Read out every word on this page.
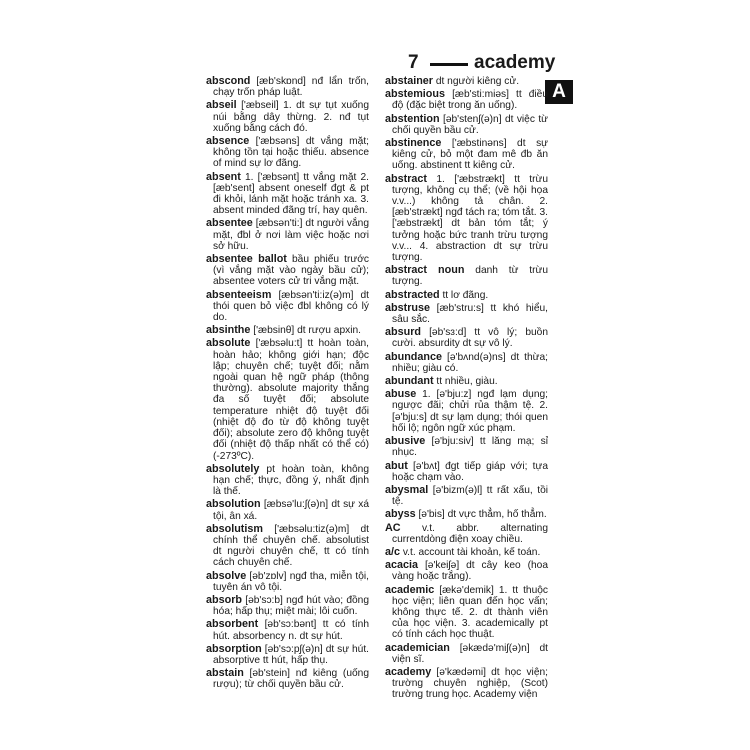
7	academy
A
abscond [æb'skɒnd] nđ lẩn trốn, chạy trốn pháp luật.
abseil ['æbseil] 1. dt sự tụt xuống núi bằng dây thừng. 2. nđ tụt xuống bằng cách đó.
absence ['æbsəns] dt vắng mặt; không tồn tại hoặc thiếu. absence of mind sự lơ đãng.
absent 1. ['æbsənt] tt vắng mặt 2. [æb'sent] absent oneself đgt & pt đi khỏi, lánh mặt hoặc tránh xa. 3. absent minded đãng trí, hay quên.
absentee [æbsən'ti:] dt người vắng mặt, đbl ở nơi làm việc hoặc nơi sở hữu.
absentee ballot bầu phiếu trước (vì vắng mặt vào ngày bầu cử); absentee voters cử tri vắng mặt.
absenteeism [æbsən'ti:iz(ə)m] dt thói quen bỏ việc đbl không có lý do.
absinthe ['æbsinθ] dt rượu apxin.
absolute ['æbsəlu:t] tt hoàn toàn, hoàn hảo; không giới hạn; độc lập; chuyên chế; tuyệt đối; nằm ngoài quan hệ ngữ pháp (thông thường). absolute majority thắng đa số tuyệt đối; absolute temperature nhiệt độ tuyệt đối (nhiệt độ đo từ độ không tuyệt đối); absolute zero độ không tuyệt đối (nhiệt độ thấp nhất có thể có) (-273ºC).
absolutely pt hoàn toàn, không hạn chế; thực, đồng ý, nhất định là thế.
absolution [æbsə'lu:ʃ(ə)n] dt sự xá tội, ân xá.
absolutism ['æbsəlu:tiz(ə)m] dt chính thể chuyên chế. absolutist dt người chuyên chế, tt có tính cách chuyên chế.
absolve [əb'zɒlv] ngđ tha, miễn tội, tuyên án vô tội.
absorb [əb'sɔ:b] ngđ hút vào; đồng hóa; hấp thụ; miệt mài; lôi cuốn.
absorbent [əb'sɔ:bənt] tt có tính hút. absorbency n. dt sự hút.
absorption [əb'sɔ:pʃ(ə)n] dt sự hút. absorptive tt hút, hấp thụ.
abstain [əb'stein] nđ kiêng (uống rượu); từ chối quyền bầu cử.
abstainer dt người kiêng cử.
abstemious [æb'sti:miəs] tt điều độ (đặc biệt trong ăn uống).
abstention [əb'stenʃ(ə)n] dt việc từ chối quyền bầu cử.
abstinence ['æbstinəns] dt sự kiêng cử, bỏ một đam mê đb ăn uống. abstinent tt kiêng cử.
abstract 1. ['æbstrækt] tt trừu tượng, không cụ thể; (về hội họa v.v...) không tả chân. 2. [æb'strækt] ngđ tách ra; tóm tắt. 3. ['æbstrækt] dt bản tóm tắt; ý tưởng hoặc bức tranh trừu tượng v.v... 4. abstraction dt sự trừu tượng.
abstract noun danh từ trừu tượng.
abstracted tt lơ đãng.
abstruse [æb'stru:s] tt khó hiểu, sâu sắc.
absurd [əb'sɜ:d] tt vô lý; buồn cười. absurdity dt sự vô lý.
abundance [ə'bʌnd(ə)ns] dt thừa; nhiều; giàu có.
abundant tt nhiều, giàu.
abuse 1. [ə'bju:z] ngđ lạm dụng; ngược đãi; chửi rủa thậm tệ. 2. [ə'bju:s] dt sự lạm dụng; thói quen hối lộ; ngôn ngữ xúc phạm.
abusive [ə'bju:siv] tt lăng mạ; sỉ nhục.
abut [ə'bʌt] đgt tiếp giáp với; tựa hoặc chạm vào.
abysmal [ə'bizm(ə)l] tt rất xấu, tồi tệ.
abyss [ə'bis] dt vực thẳm, hố thẳm.
AC v.t. abbr. alternating currentdòng điện xoay chiều.
a/c v.t. account tài khoản, kế toán.
acacia [ə'keiʃə] dt cây keo (hoa vàng hoặc trắng).
academic [ækə'demik] 1. tt thuộc học viện; liên quan đến học vấn; không thực tế. 2. dt thành viên của học viện. 3. academically pt có tính cách học thuật.
academician [əkædə'miʃ(ə)n] dt viện sĩ.
academy [ə'kædəmi] dt học viện; trường chuyên nghiệp, (Scot) trường trung học. Academy viện
